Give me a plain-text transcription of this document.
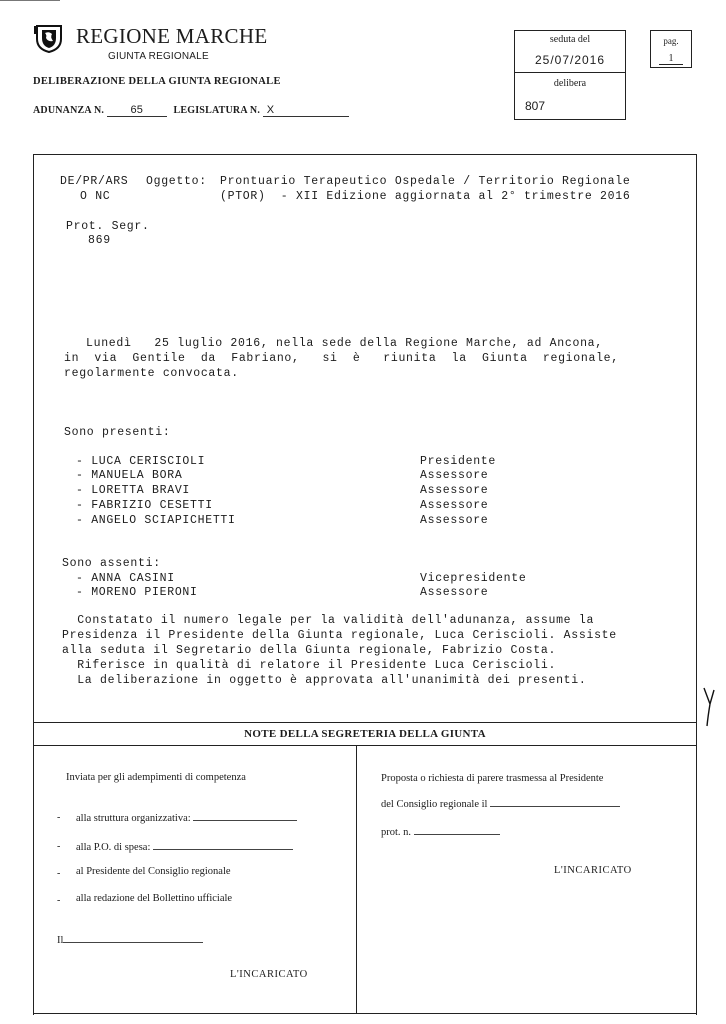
REGIONE MARCHE
GIUNTA REGIONALE
DELIBERAZIONE DELLA GIUNTA REGIONALE
ADUNANZA N. 65	LEGISLATURA N. X
seduta del
25/07/2016
delibera
807
pag.
1
DE/PR/ARS
O NC
Oggetto: Prontuario Terapeutico Ospedale / Territorio Regionale
(PTOR)  - XII Edizione aggiornata al 2° trimestre 2016
Prot. Segr.
869
Lunedì   25 luglio 2016, nella sede della Regione Marche, ad Ancona,
in  via  Gentile  da  Fabriano,   si  è   riunita  la  Giunta  regionale,
regolarmente convocata.
Sono presenti:
- LUCA CERISCIOLI	Presidente
- MANUELA BORA	Assessore
- LORETTA BRAVI	Assessore
- FABRIZIO CESETTI	Assessore
- ANGELO SCIAPICHETTI	Assessore
Sono assenti:
- ANNA CASINI	Vicepresidente
- MORENO PIERONI	Assessore
Constatato il numero legale per la validità dell'adunanza, assume la
Presidenza il Presidente della Giunta regionale, Luca Ceriscioli. Assiste
alla seduta il Segretario della Giunta regionale, Fabrizio Costa.
Riferisce in qualità di relatore il Presidente Luca Ceriscioli.
La deliberazione in oggetto è approvata all'unanimità dei presenti.
NOTE DELLA SEGRETERIA DELLA GIUNTA
Inviata per gli adempimenti di competenza
- alla struttura organizzativa:
- alla P.O. di spesa:
- al Presidente del Consiglio regionale
- alla redazione del Bollettino ufficiale
Il
L'INCARICATO
Proposta o richiesta di parere trasmessa al Presidente
del Consiglio regionale il
prot. n.
L'INCARICATO
